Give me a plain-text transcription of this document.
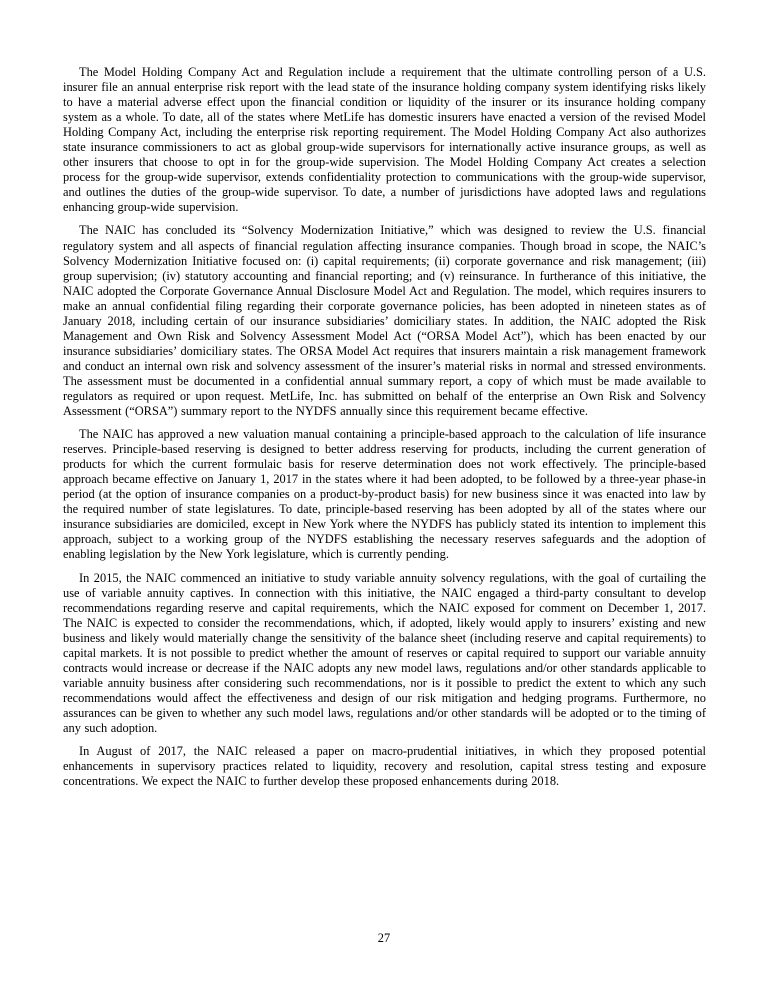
The Model Holding Company Act and Regulation include a requirement that the ultimate controlling person of a U.S. insurer file an annual enterprise risk report with the lead state of the insurance holding company system identifying risks likely to have a material adverse effect upon the financial condition or liquidity of the insurer or its insurance holding company system as a whole. To date, all of the states where MetLife has domestic insurers have enacted a version of the revised Model Holding Company Act, including the enterprise risk reporting requirement. The Model Holding Company Act also authorizes state insurance commissioners to act as global group-wide supervisors for internationally active insurance groups, as well as other insurers that choose to opt in for the group-wide supervision. The Model Holding Company Act creates a selection process for the group-wide supervisor, extends confidentiality protection to communications with the group-wide supervisor, and outlines the duties of the group-wide supervisor. To date, a number of jurisdictions have adopted laws and regulations enhancing group-wide supervision.

The NAIC has concluded its “Solvency Modernization Initiative,” which was designed to review the U.S. financial regulatory system and all aspects of financial regulation affecting insurance companies. Though broad in scope, the NAIC’s Solvency Modernization Initiative focused on: (i) capital requirements; (ii) corporate governance and risk management; (iii) group supervision; (iv) statutory accounting and financial reporting; and (v) reinsurance. In furtherance of this initiative, the NAIC adopted the Corporate Governance Annual Disclosure Model Act and Regulation. The model, which requires insurers to make an annual confidential filing regarding their corporate governance policies, has been adopted in nineteen states as of January 2018, including certain of our insurance subsidiaries’ domiciliary states. In addition, the NAIC adopted the Risk Management and Own Risk and Solvency Assessment Model Act (“ORSA Model Act”), which has been enacted by our insurance subsidiaries’ domiciliary states. The ORSA Model Act requires that insurers maintain a risk management framework and conduct an internal own risk and solvency assessment of the insurer’s material risks in normal and stressed environments. The assessment must be documented in a confidential annual summary report, a copy of which must be made available to regulators as required or upon request. MetLife, Inc. has submitted on behalf of the enterprise an Own Risk and Solvency Assessment (“ORSA”) summary report to the NYDFS annually since this requirement became effective.

The NAIC has approved a new valuation manual containing a principle-based approach to the calculation of life insurance reserves. Principle-based reserving is designed to better address reserving for products, including the current generation of products for which the current formulaic basis for reserve determination does not work effectively. The principle-based approach became effective on January 1, 2017 in the states where it had been adopted, to be followed by a three-year phase-in period (at the option of insurance companies on a product-by-product basis) for new business since it was enacted into law by the required number of state legislatures. To date, principle-based reserving has been adopted by all of the states where our insurance subsidiaries are domiciled, except in New York where the NYDFS has publicly stated its intention to implement this approach, subject to a working group of the NYDFS establishing the necessary reserves safeguards and the adoption of enabling legislation by the New York legislature, which is currently pending.

In 2015, the NAIC commenced an initiative to study variable annuity solvency regulations, with the goal of curtailing the use of variable annuity captives. In connection with this initiative, the NAIC engaged a third-party consultant to develop recommendations regarding reserve and capital requirements, which the NAIC exposed for comment on December 1, 2017. The NAIC is expected to consider the recommendations, which, if adopted, likely would apply to insurers’ existing and new business and likely would materially change the sensitivity of the balance sheet (including reserve and capital requirements) to capital markets. It is not possible to predict whether the amount of reserves or capital required to support our variable annuity contracts would increase or decrease if the NAIC adopts any new model laws, regulations and/or other standards applicable to variable annuity business after considering such recommendations, nor is it possible to predict the extent to which any such recommendations would affect the effectiveness and design of our risk mitigation and hedging programs. Furthermore, no assurances can be given to whether any such model laws, regulations and/or other standards will be adopted or to the timing of any such adoption.

In August of 2017, the NAIC released a paper on macro-prudential initiatives, in which they proposed potential enhancements in supervisory practices related to liquidity, recovery and resolution, capital stress testing and exposure concentrations. We expect the NAIC to further develop these proposed enhancements during 2018.

27
